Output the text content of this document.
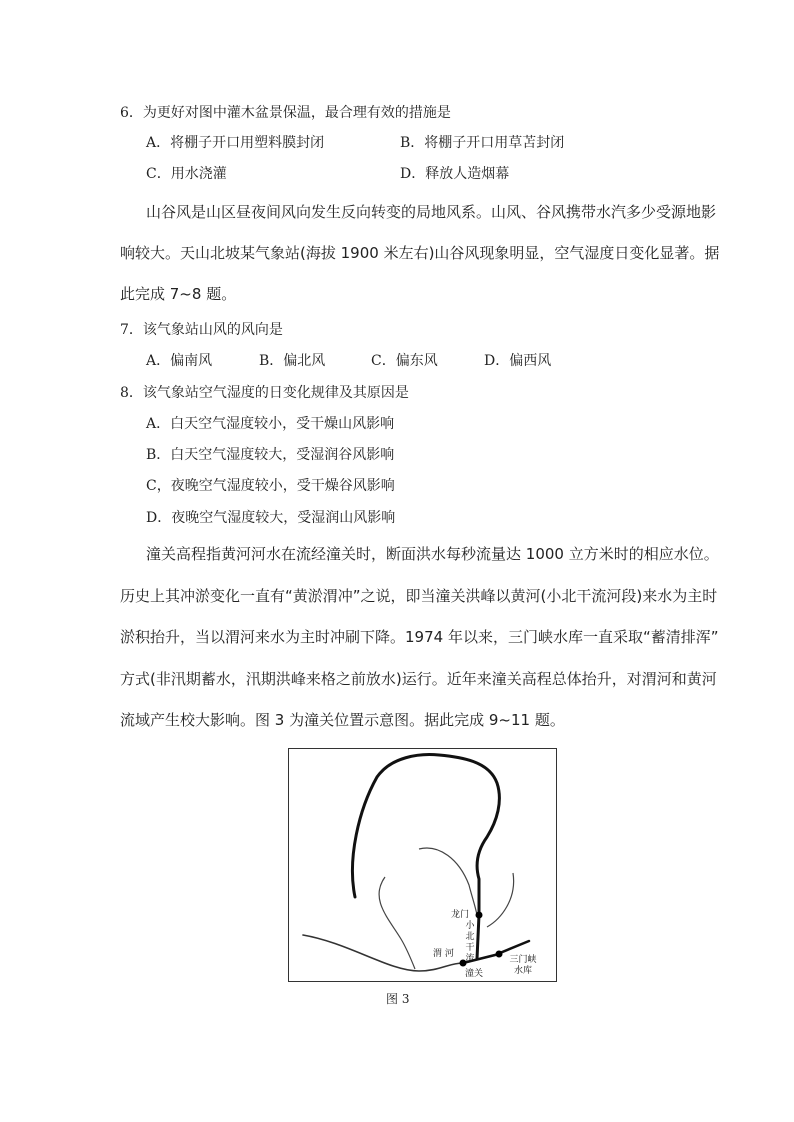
6．为更好对图中灌木盆景保温，最合理有效的措施是
A．将棚子开口用塑料膜封闭	B．将棚子开口用草苫封闭
C．用水浇灌	D．释放人造烟幕
山谷风是山区昼夜间风向发生反向转变的局地风系。山风、谷风携带水汽多少受源地影
响较大。天山北坡某气象站(海拔 1900 米左右)山谷风现象明显，空气湿度日变化显著。据
此完成 7~8 题。
7．该气象站山风的风向是
A．偏南风	B．偏北风	C．偏东风	D．偏西风
8．该气象站空气湿度的日变化规律及其原因是
A．白天空气湿度较小，受干燥山风影响
B．白天空气湿度较大，受湿润谷风影响
C，夜晚空气湿度较小，受干燥谷风影响
D．夜晚空气湿度较大，受湿润山风影响
潼关高程指黄河河水在流经潼关时，断面洪水每秒流量达 1000 立方米时的相应水位。
历史上其冲淤变化一直有“黄淤渭冲”之说，即当潼关洪峰以黄河(小北干流河段)来水为主时
淤积抬升，当以渭河来水为主时冲刷下降。1974 年以来，三门峡水库一直采取“蓄清排浑”
方式(非汛期蓄水，汛期洪峰来格之前放水)运行。近年来潼关高程总体抬升，对渭河和黄河
流域产生校大影响。图 3 为潼关位置示意图。据此完成 9~11 题。
龙门
小北干流
渭 河
潼关
三门峡水库
图 3
